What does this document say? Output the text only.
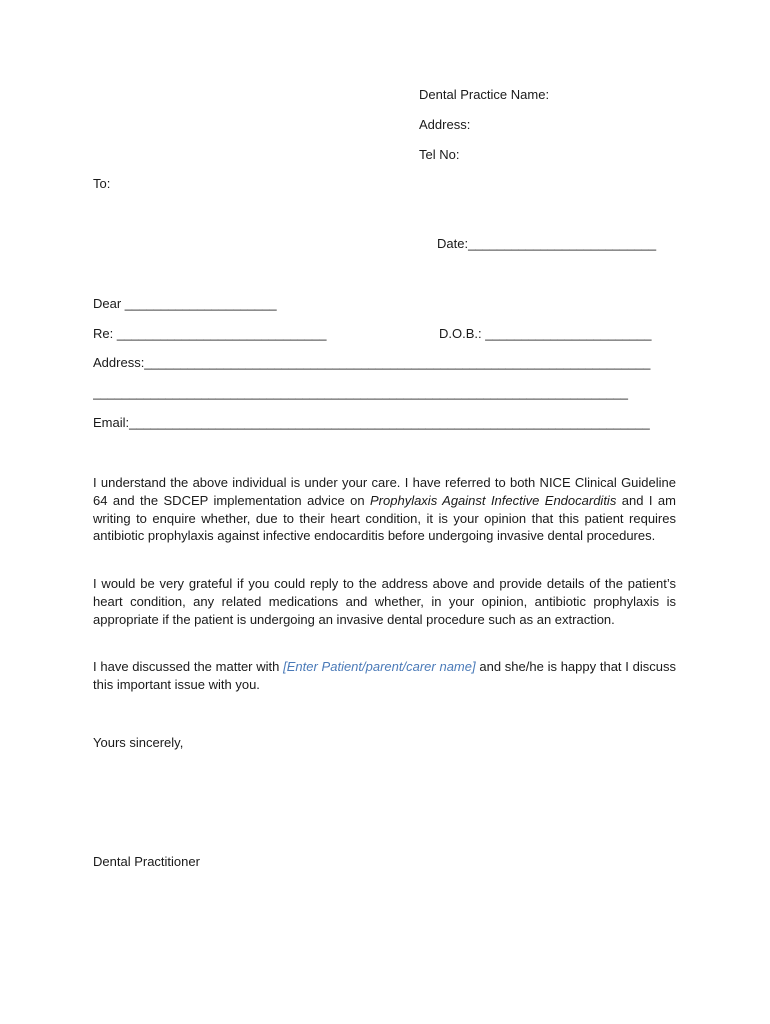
Dental Practice Name:
Address:
Tel No:
To:
Date:__________________________
Dear _____________________
Re: _____________________________	D.O.B.: _______________________
Address:______________________________________________________________________
__________________________________________________________________________
Email:________________________________________________________________________

I understand the above individual is under your care. I have referred to both NICE Clinical Guideline 64 and the SDCEP implementation advice on Prophylaxis Against Infective Endocarditis and I am writing to enquire whether, due to their heart condition, it is your opinion that this patient requires antibiotic prophylaxis against infective endocarditis before undergoing invasive dental procedures.

I would be very grateful if you could reply to the address above and provide details of the patient’s heart condition, any related medications and whether, in your opinion, antibiotic prophylaxis is appropriate if the patient is undergoing an invasive dental procedure such as an extraction.

I have discussed the matter with [Enter Patient/parent/carer name] and she/he is happy that I discuss this important issue with you.

Yours sincerely,
Dental Practitioner
